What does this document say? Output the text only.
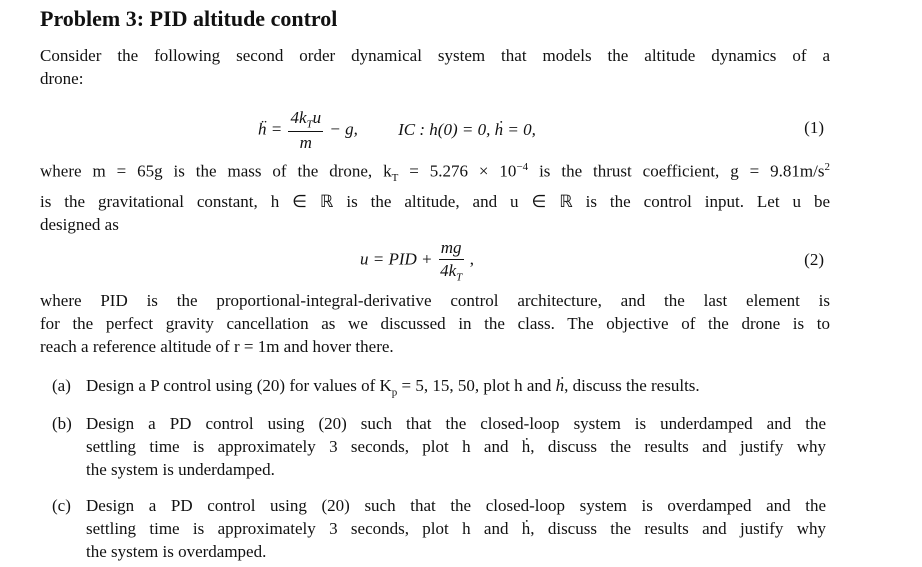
Problem 3: PID altitude control
Consider the following second order dynamical system that models the altitude dynamics of a
drone:
ḧ = $\frac{4k_Tu}{m} - g$, IC : h(0) = 0, ḣ = 0,	(1)
where m = 65g is the mass of the drone, $k_T = 5.276 \times 10^{-4}$ is the thrust coefficient, $g = 9.81m/s^2$
is the gravitational constant, h ∈ ℝ is the altitude, and u ∈ ℝ is the control input. Let u be
designed as
u = PID + $\frac{mg}{4k_T}$ ,	(2)
where PID is the proportional-integral-derivative control architecture, and the last element is
for the perfect gravity cancellation as we discussed in the class. The objective of the drone is to
reach a reference altitude of r = 1m and hover there.
(a) Design a P control using (20) for values of $K_p = 5$, 15, 50, plot h and ḣ, discuss the results.
(b) Design a PD control using (20) such that the closed-loop system is underdamped and the
settling time is approximately 3 seconds, plot h and ḣ, discuss the results and justify why
the system is underdamped.
(c) Design a PD control using (20) such that the closed-loop system is overdamped and the
settling time is approximately 3 seconds, plot h and ḣ, discuss the results and justify why
the system is overdamped.
